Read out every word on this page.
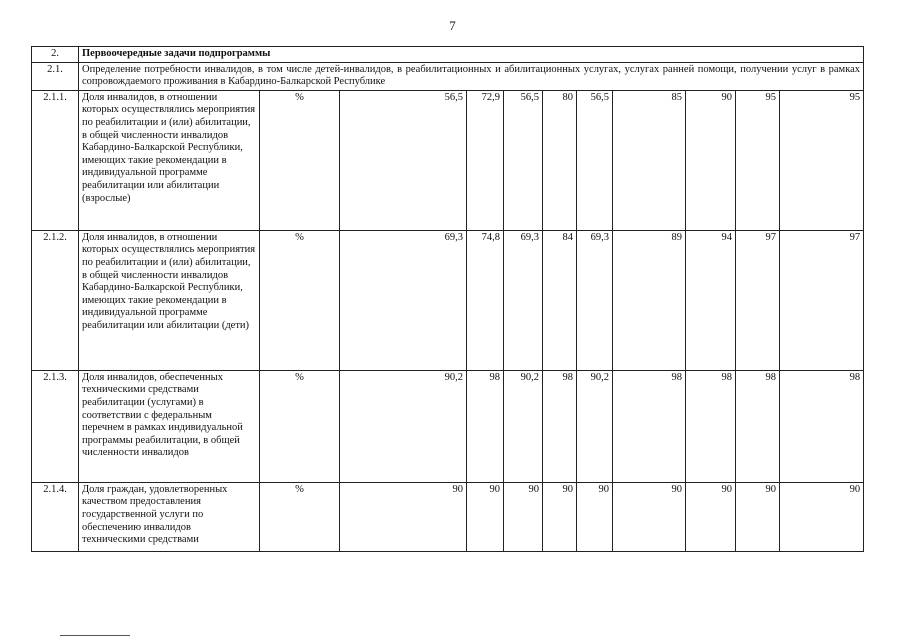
7
2.	Первоочередные задачи подпрограммы										
2.1.	Определение потребности инвалидов, в том числе детей-инвалидов, в реабилитационных и абилитационных услугах, услугах ранней помощи, получении услуг в рамках сопровождаемого проживания в Кабардино-Балкарской Республике										
2.1.1.	Доля инвалидов, в отношении которых осуществлялись мероприятия по реабилитации и (или) абилитации, в общей численности инвалидов Кабардино-Балкарской Республики, имеющих такие рекомендации в индивидуальной программе реабилитации или абилитации (взрослые)	%	56,5	72,9	56,5	80	56,5	85	90	95	95
2.1.2.	Доля инвалидов, в отношении которых осуществлялись мероприятия по реабилитации и (или) абилитации, в общей численности инвалидов Кабардино-Балкарской Республики, имеющих такие рекомендации в индивидуальной программе реабилитации или абилитации (дети)	%	69,3	74,8	69,3	84	69,3	89	94	97	97
2.1.3.	Доля инвалидов, обеспеченных техническими средствами реабилитации (услугами) в соответствии с федеральным перечнем в рамках индивидуальной программы реабилитации, в общей численности инвалидов	%	90,2	98	90,2	98	90,2	98	98	98	98
2.1.4.	Доля граждан, удовлетворенных качеством предоставления государственной услуги по обеспечению инвалидов техническими средствами	%	90	90	90	90	90	90	90	90	90
